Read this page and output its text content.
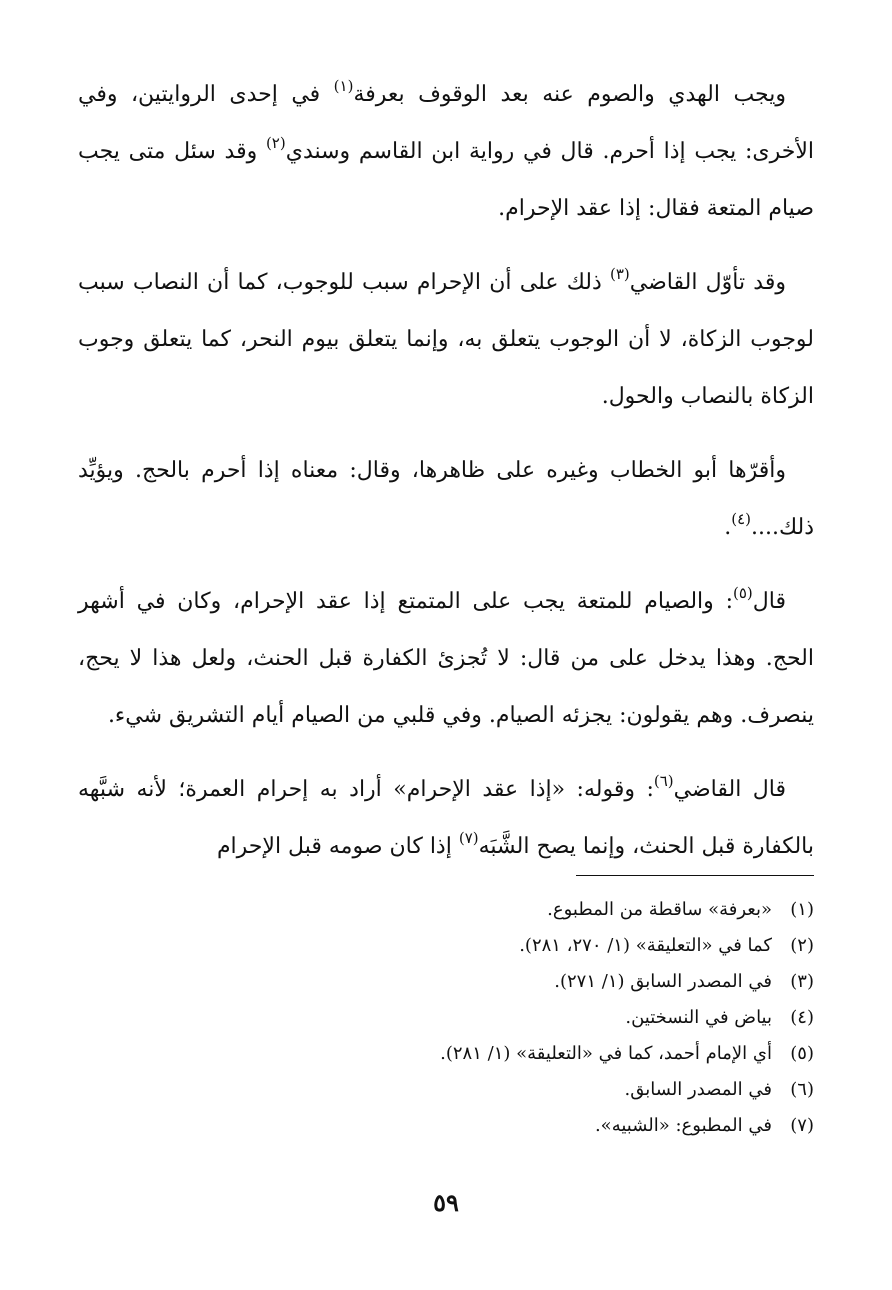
ويجب الهدي والصوم عنه بعد الوقوف بعرفة$^{(١)}$ في إحدى الروايتين، وفي الأخرى: يجب إذا أحرم. قال في رواية ابن القاسم وسندي$^{(٢)}$ وقد سئل متى يجب صيام المتعة فقال: إذا عقد الإحرام.

وقد تأوّل القاضي$^{(٣)}$ ذلك على أن الإحرام سبب للوجوب، كما أن النصاب سبب لوجوب الزكاة، لا أن الوجوب يتعلق به، وإنما يتعلق بيوم النحر، كما يتعلق وجوب الزكاة بالنصاب والحول.

وأقرّها أبو الخطاب وغيره على ظاهرها، وقال: معناه إذا أحرم بالحج. ويؤيِّد ذلك....$^{(٤)}$.

قال$^{(٥)}$: والصيام للمتعة يجب على المتمتع إذا عقد الإحرام، وكان في أشهر الحج. وهذا يدخل على من قال: لا تُجزئ الكفارة قبل الحنث، ولعل هذا لا يحج، ينصرف. وهم يقولون: يجزئه الصيام. وفي قلبي من الصيام أيام التشريق شيء.

قال القاضي$^{(٦)}$: وقوله: «إذا عقد الإحرام» أراد به إحرام العمرة؛ لأنه شبَّهه بالكفارة قبل الحنث، وإنما يصح الشَّبَه$^{(٧)}$ إذا كان صومه قبل الإحرام

(١)«بعرفة» ساقطة من المطبوع.
(٢)كما في «التعليقة» (١/ ٢٧٠، ٢٨١).
(٣)في المصدر السابق (١/ ٢٧١).
(٤)بياض في النسختين.
(٥)أي الإمام أحمد، كما في «التعليقة» (١/ ٢٨١).
(٦)في المصدر السابق.
(٧)في المطبوع: «الشبيه».
٥٩
